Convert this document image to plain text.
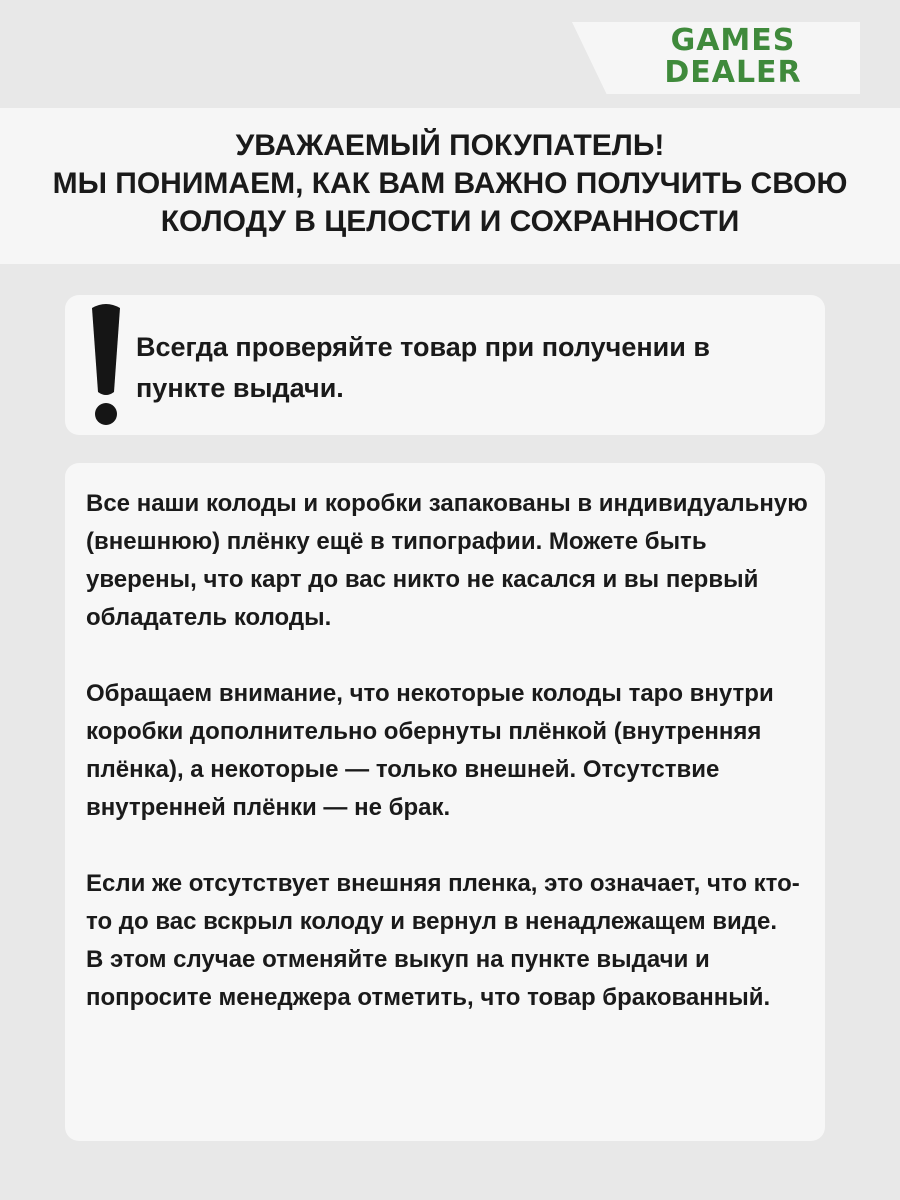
GAMES
DEALER
УВАЖАЕМЫЙ ПОКУПАТЕЛЬ!
МЫ ПОНИМАЕМ, КАК ВАМ ВАЖНО ПОЛУЧИТЬ СВОЮ
КОЛОДУ В ЦЕЛОСТИ И СОХРАННОСТИ
Всегда проверяйте товар при получении в пункте выдачи.

Все наши колоды и коробки запакованы в индивидуальную (внешнюю) плёнку ещё в типографии. Можете быть уверены, что карт до вас никто не касался и вы первый обладатель колоды.

Обращаем внимание, что некоторые колоды таро внутри коробки дополнительно обернуты плёнкой (внутренняя плёнка), а некоторые — только внешней. Отсутствие внутренней плёнки — не брак.

Если же отсутствует внешняя пленка, это означает, что кто-то до вас вскрыл колоду и вернул в ненадлежащем виде.

В этом случае отменяйте выкуп на пункте выдачи и попросите менеджера отметить, что товар бракованный.
